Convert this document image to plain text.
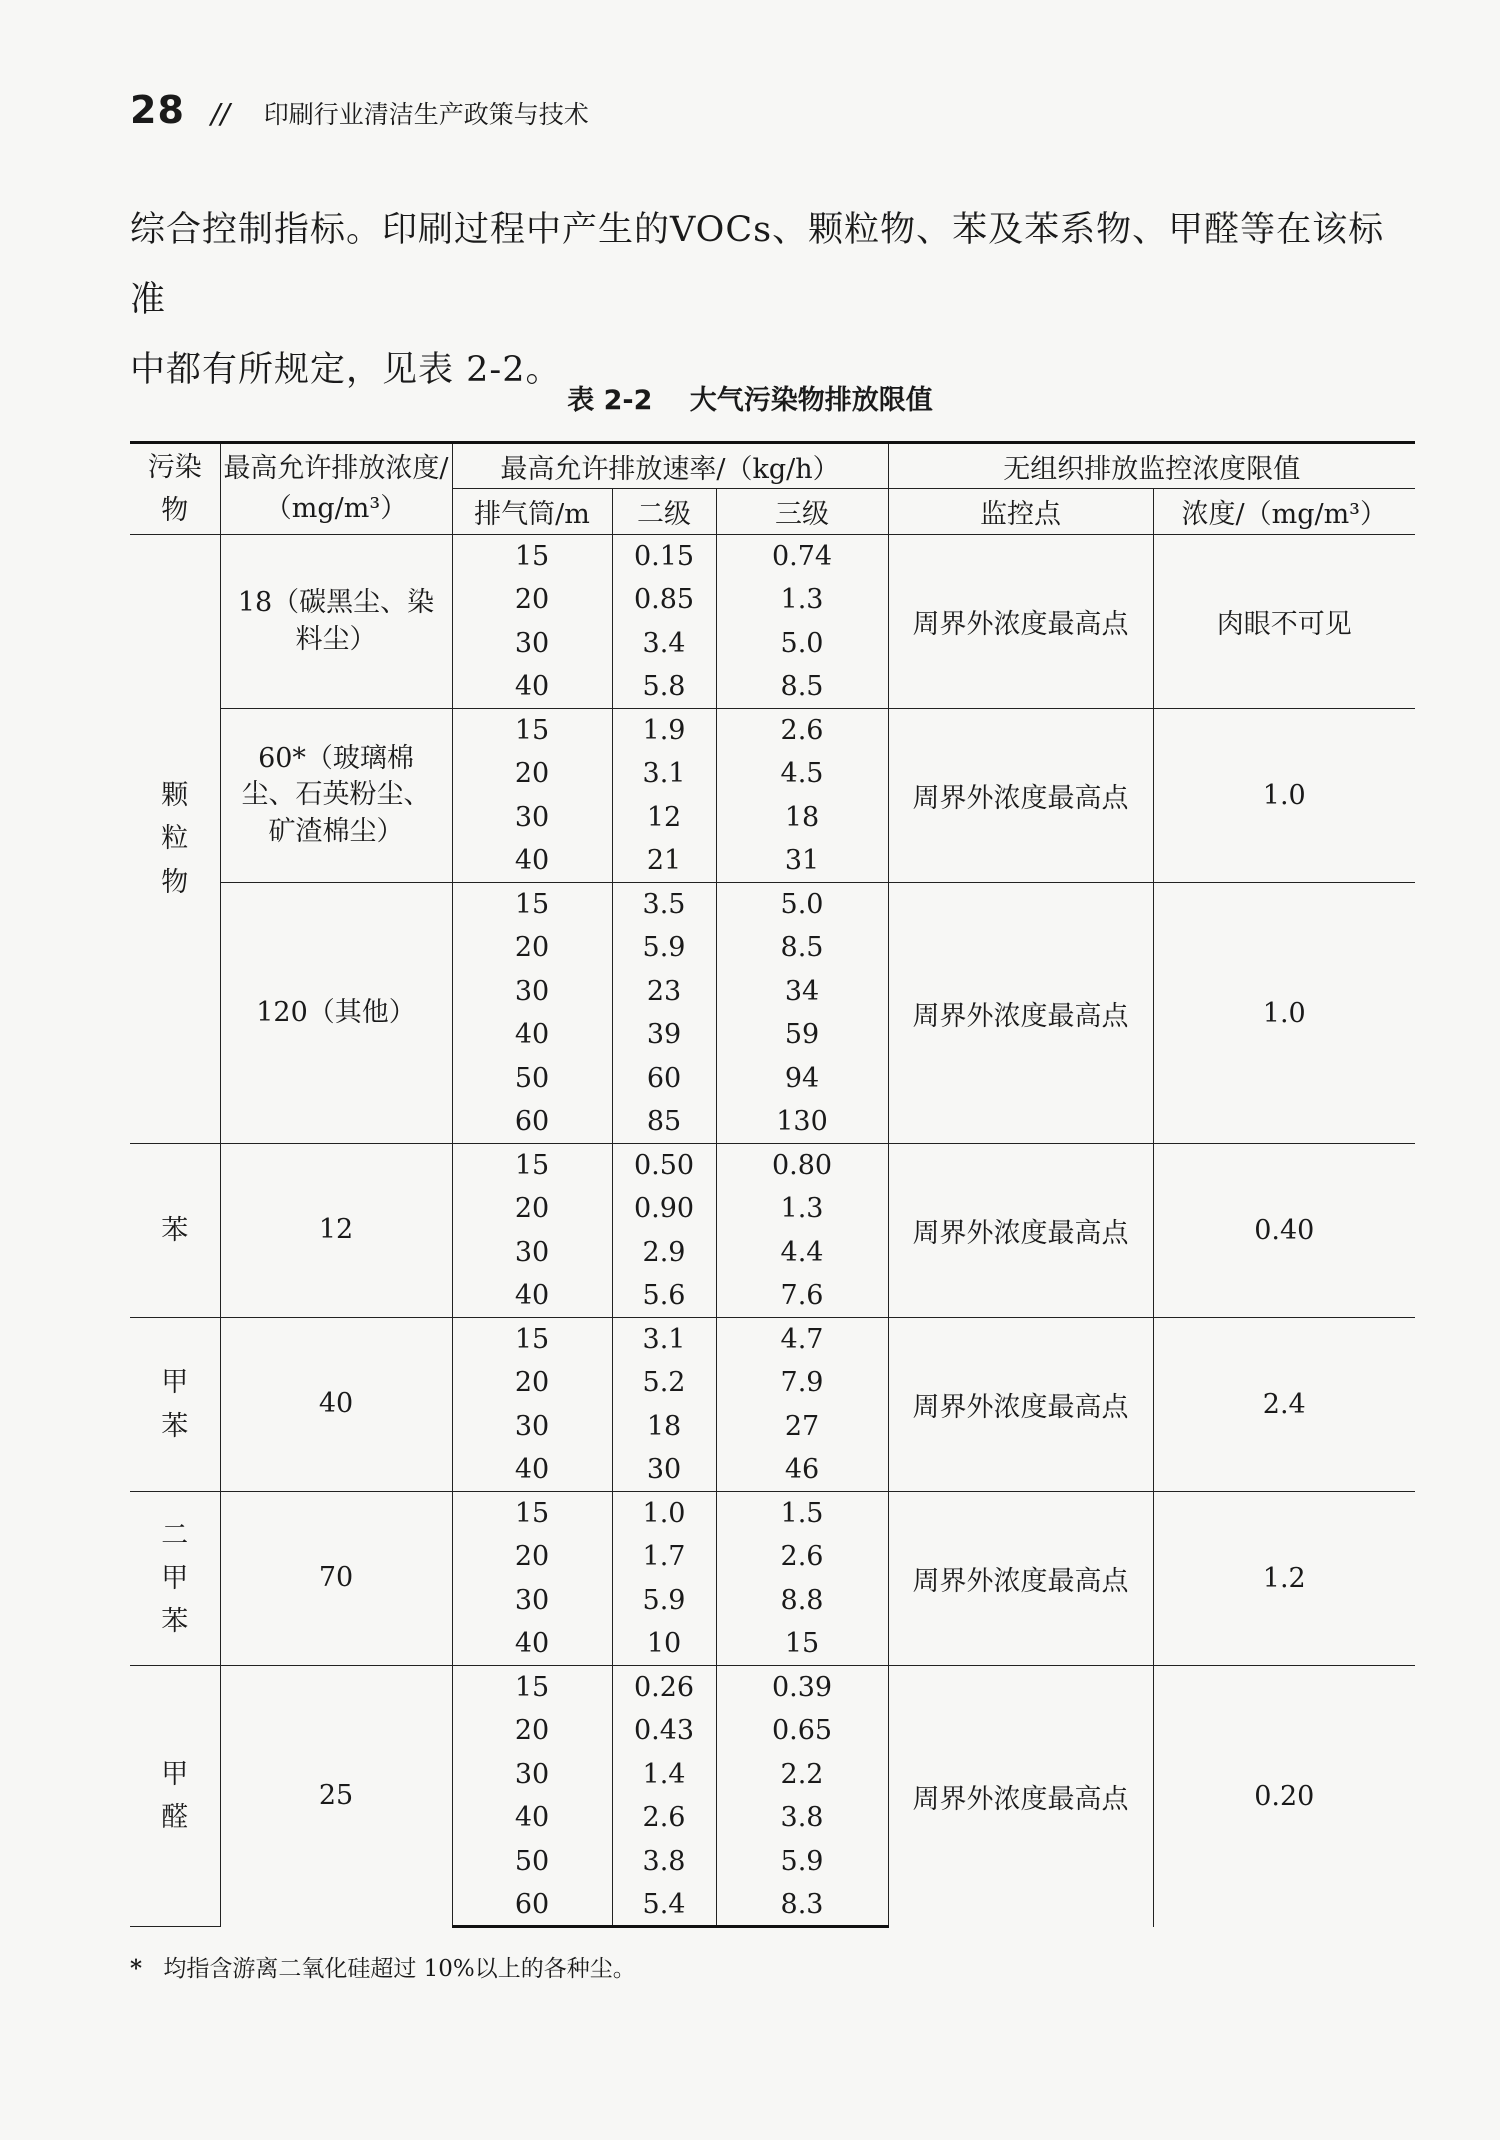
28 // 印刷行业清洁生产政策与技术
综合控制指标。印刷过程中产生的VOCs、颗粒物、苯及苯系物、甲醛等在该标准
中都有所规定，见表 2-2。
表 2-2 大气污染物排放限值
污染物	最高允许排放浓度/（mg/m³）	最高允许排放速率/（kg/h）			无组织排放监控浓度限值	
		排气筒/m	二级	三级	监控点	浓度/（mg/m³）
颗粒物	18（碳黑尘、染料尘）	15	0.15	0.74	周界外浓度最高点	肉眼不可见
		20	0.85	1.3		
		30	3.4	5.0		
		40	5.8	8.5		
	60*（玻璃棉尘、石英粉尘、矿渣棉尘）	15	1.9	2.6	周界外浓度最高点	1.0
		20	3.1	4.5		
		30	12	18		
		40	21	31		
	120（其他）	15	3.5	5.0	周界外浓度最高点	1.0
		20	5.9	8.5		
		30	23	34		
		40	39	59		
		50	60	94		
		60	85	130		
苯	12	15	0.50	0.80	周界外浓度最高点	0.40
		20	0.90	1.3		
		30	2.9	4.4		
		40	5.6	7.6		
甲苯	40	15	3.1	4.7	周界外浓度最高点	2.4
		20	5.2	7.9		
		30	18	27		
		40	30	46		
二甲苯	70	15	1.0	1.5	周界外浓度最高点	1.2
		20	1.7	2.6		
		30	5.9	8.8		
		40	10	15		
甲醛	25	15	0.26	0.39	周界外浓度最高点	0.20
		20	0.43	0.65		
		30	1.4	2.2		
		40	2.6	3.8		
		50	3.8	5.9		
		60	5.4	8.3		
* 均指含游离二氧化硅超过 10%以上的各种尘。
